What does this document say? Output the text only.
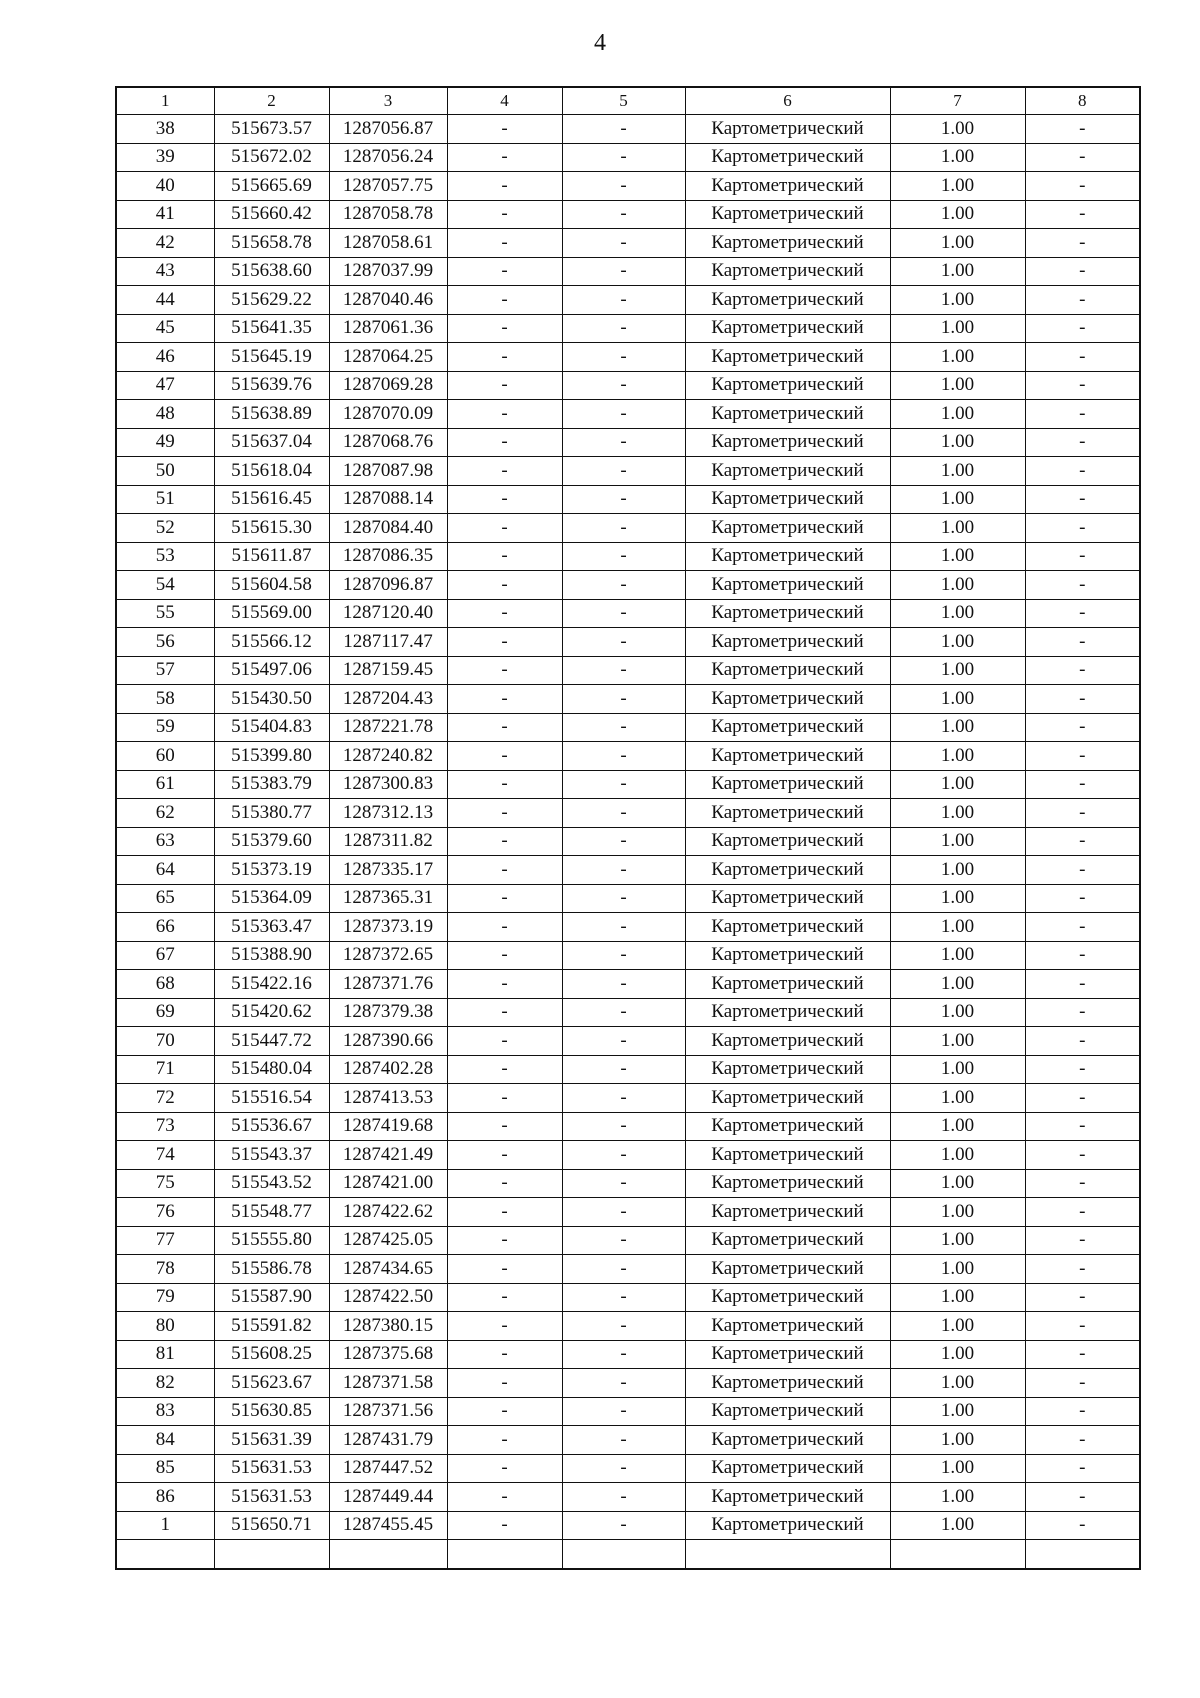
4
1	2	3	4	5	6	7	8
38	515673.57	1287056.87	-	-	Картометрический	1.00	-
39	515672.02	1287056.24	-	-	Картометрический	1.00	-
40	515665.69	1287057.75	-	-	Картометрический	1.00	-
41	515660.42	1287058.78	-	-	Картометрический	1.00	-
42	515658.78	1287058.61	-	-	Картометрический	1.00	-
43	515638.60	1287037.99	-	-	Картометрический	1.00	-
44	515629.22	1287040.46	-	-	Картометрический	1.00	-
45	515641.35	1287061.36	-	-	Картометрический	1.00	-
46	515645.19	1287064.25	-	-	Картометрический	1.00	-
47	515639.76	1287069.28	-	-	Картометрический	1.00	-
48	515638.89	1287070.09	-	-	Картометрический	1.00	-
49	515637.04	1287068.76	-	-	Картометрический	1.00	-
50	515618.04	1287087.98	-	-	Картометрический	1.00	-
51	515616.45	1287088.14	-	-	Картометрический	1.00	-
52	515615.30	1287084.40	-	-	Картометрический	1.00	-
53	515611.87	1287086.35	-	-	Картометрический	1.00	-
54	515604.58	1287096.87	-	-	Картометрический	1.00	-
55	515569.00	1287120.40	-	-	Картометрический	1.00	-
56	515566.12	1287117.47	-	-	Картометрический	1.00	-
57	515497.06	1287159.45	-	-	Картометрический	1.00	-
58	515430.50	1287204.43	-	-	Картометрический	1.00	-
59	515404.83	1287221.78	-	-	Картометрический	1.00	-
60	515399.80	1287240.82	-	-	Картометрический	1.00	-
61	515383.79	1287300.83	-	-	Картометрический	1.00	-
62	515380.77	1287312.13	-	-	Картометрический	1.00	-
63	515379.60	1287311.82	-	-	Картометрический	1.00	-
64	515373.19	1287335.17	-	-	Картометрический	1.00	-
65	515364.09	1287365.31	-	-	Картометрический	1.00	-
66	515363.47	1287373.19	-	-	Картометрический	1.00	-
67	515388.90	1287372.65	-	-	Картометрический	1.00	-
68	515422.16	1287371.76	-	-	Картометрический	1.00	-
69	515420.62	1287379.38	-	-	Картометрический	1.00	-
70	515447.72	1287390.66	-	-	Картометрический	1.00	-
71	515480.04	1287402.28	-	-	Картометрический	1.00	-
72	515516.54	1287413.53	-	-	Картометрический	1.00	-
73	515536.67	1287419.68	-	-	Картометрический	1.00	-
74	515543.37	1287421.49	-	-	Картометрический	1.00	-
75	515543.52	1287421.00	-	-	Картометрический	1.00	-
76	515548.77	1287422.62	-	-	Картометрический	1.00	-
77	515555.80	1287425.05	-	-	Картометрический	1.00	-
78	515586.78	1287434.65	-	-	Картометрический	1.00	-
79	515587.90	1287422.50	-	-	Картометрический	1.00	-
80	515591.82	1287380.15	-	-	Картометрический	1.00	-
81	515608.25	1287375.68	-	-	Картометрический	1.00	-
82	515623.67	1287371.58	-	-	Картометрический	1.00	-
83	515630.85	1287371.56	-	-	Картометрический	1.00	-
84	515631.39	1287431.79	-	-	Картометрический	1.00	-
85	515631.53	1287447.52	-	-	Картометрический	1.00	-
86	515631.53	1287449.44	-	-	Картометрический	1.00	-
1	515650.71	1287455.45	-	-	Картометрический	1.00	-
